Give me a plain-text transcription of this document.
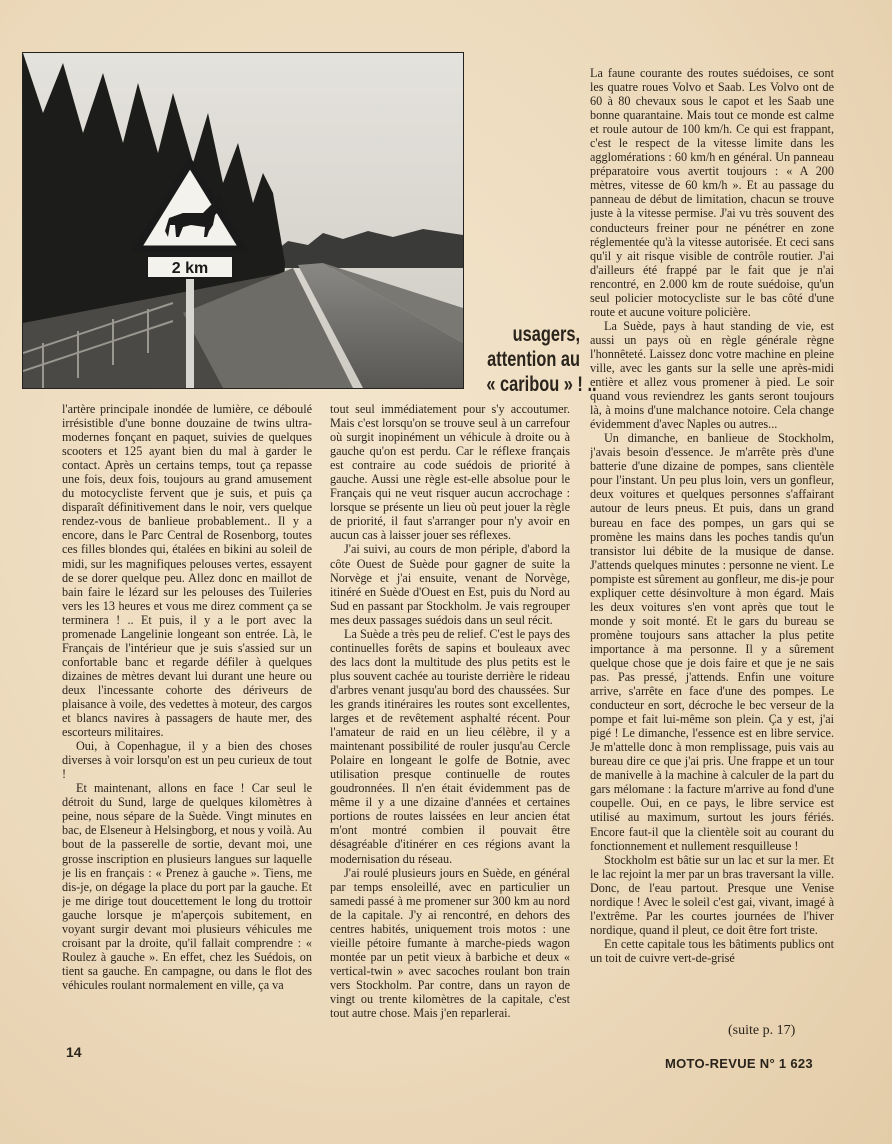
2 km
usagers,
attention au
« caribou » ! ..

l'artère principale inondée de lumière, ce déboulé irrésistible d'une bonne douzaine de twins ultra-modernes fonçant en paquet, suivies de quelques scooters et 125 ayant bien du mal à garder le contact. Après un certains temps, tout ça repasse une fois, deux fois, toujours au grand amusement du motocycliste fervent que je suis, et puis ça disparaît définitivement dans le noir, vers quelque rendez-vous de banlieue probablement.. Il y a encore, dans le Parc Central de Rosenborg, toutes ces filles blondes qui, étalées en bikini au soleil de midi, sur les magnifiques pelouses vertes, essayent de se dorer quelque peu. Allez donc en maillot de bain faire le lézard sur les pelouses des Tuileries vers les 13 heures et vous me direz comment ça se terminera ! .. Et puis, il y a le port avec la promenade Langelinie longeant son entrée. Là, le Français de l'intérieur que je suis s'assied sur un confortable banc et regarde défiler à quelques dizaines de mètres devant lui durant une heure ou deux l'incessante cohorte des dériveurs de plaisance à voile, des vedettes à moteur, des cargos et blancs navires à passagers de haute mer, des escorteurs militaires.

Oui, à Copenhague, il y a bien des choses diverses à voir lorsqu'on est un peu curieux de tout !

Et maintenant, allons en face ! Car seul le détroit du Sund, large de quelques kilomètres à peine, nous sépare de la Suède. Vingt minutes en bac, de Elseneur à Helsingborg, et nous y voilà. Au bout de la passerelle de sortie, devant moi, une grosse inscription en plusieurs langues sur laquelle je lis en français : « Prenez à gauche ». Tiens, me dis-je, on dégage la place du port par la gauche. Et je me dirige tout doucettement le long du trottoir gauche lorsque je m'aperçois subitement, en voyant surgir devant moi plusieurs véhicules me croisant par la droite, qu'il fallait comprendre : « Roulez à gauche ». En effet, chez les Suédois, on tient sa gauche. En campagne, ou dans le flot des véhicules roulant normalement en ville, ça va

tout seul immédiatement pour s'y accoutumer. Mais c'est lorsqu'on se trouve seul à un carrefour où surgit inopinément un véhicule à droite ou à gauche qu'on est perdu. Car le réflexe français est contraire au code suédois de priorité à gauche. Aussi une règle est-elle absolue pour le Français qui ne veut risquer aucun accrochage : lorsque se présente un lieu où peut jouer la règle de priorité, il faut s'arranger pour n'y avoir en aucun cas à laisser jouer ses réflexes.

J'ai suivi, au cours de mon périple, d'abord la côte Ouest de Suède pour gagner de suite la Norvège et j'ai ensuite, venant de Norvège, itinéré en Suède d'Ouest en Est, puis du Nord au Sud en passant par Stockholm. Je vais regrouper mes deux passages suédois dans un seul récit.

La Suède a très peu de relief. C'est le pays des continuelles forêts de sapins et bouleaux avec des lacs dont la multitude des plus petits est le plus souvent cachée au touriste derrière le rideau d'arbres venant jusqu'au bord des chaussées. Sur les grands itinéraires les routes sont excellentes, larges et de revêtement asphalté récent. Pour l'amateur de raid en un lieu célèbre, il y a maintenant possibilité de rouler jusqu'au Cercle Polaire en longeant le golfe de Botnie, avec utilisation presque continuelle de routes goudronnées. Il n'en était évidemment pas de même il y a une dizaine d'années et certaines portions de routes laissées en leur ancien état m'ont montré combien il pouvait être désagréable d'itinérer en ces régions avant la modernisation du réseau.

J'ai roulé plusieurs jours en Suède, en général par temps ensoleillé, avec en particulier un samedi passé à me promener sur 300 km au nord de la capitale. J'y ai rencontré, en dehors des centres habités, uniquement trois motos : une vieille pétoire fumante à marche-pieds wagon montée par un petit vieux à barbiche et deux « vertical-twin » avec sacoches roulant bon train vers Stockholm. Par contre, dans un rayon de vingt ou trente kilomètres de la capitale, c'est tout autre chose. Mais j'en reparlerai.

La faune courante des routes suédoises, ce sont les quatre roues Volvo et Saab. Les Volvo ont de 60 à 80 chevaux sous le capot et les Saab une bonne quarantaine. Mais tout ce monde est calme et roule autour de 100 km/h. Ce qui est frappant, c'est le respect de la vitesse limite dans les agglomérations : 60 km/h en général. Un panneau préparatoire vous avertit toujours : « A 200 mètres, vitesse de 60 km/h ». Et au passage du panneau de début de limitation, chacun se trouve juste à la vitesse permise. J'ai vu très souvent des conducteurs freiner pour ne pénétrer en zone réglementée qu'à la vitesse autorisée. Et ceci sans qu'il y ait risque visible de contrôle routier. J'ai d'ailleurs été frappé par le fait que je n'ai rencontré, en 2.000 km de route suédoise, qu'un seul policier motocycliste sur le bas côté d'une route et aucune voiture policière.

La Suède, pays à haut standing de vie, est aussi un pays où en règle générale règne l'honnêteté. Laissez donc votre machine en pleine ville, avec les gants sur la selle une après-midi entière et allez vous promener à pied. Le soir quand vous reviendrez les gants seront toujours là, à moins d'une malchance notoire. Cela change évidemment d'avec Naples ou autres...

Un dimanche, en banlieue de Stockholm, j'avais besoin d'essence. Je m'arrête près d'une batterie d'une dizaine de pompes, sans clientèle pour l'instant. Un peu plus loin, vers un gonfleur, deux voitures et quelques personnes s'affairant autour de leurs pneus. Et puis, dans un grand bureau en face des pompes, un gars qui se promène les mains dans les poches tandis qu'un transistor lui débite de la musique de danse. J'attends quelques minutes : personne ne vient. Le pompiste est sûrement au gonfleur, me dis-je pour expliquer cette désinvolture à mon égard. Mais les deux voitures s'en vont après que tout le monde y soit monté. Et le gars du bureau se promène toujours sans attacher la plus petite importance à ma personne. Il y a sûrement quelque chose que je dois faire et que je ne sais pas. Pas pressé, j'attends. Enfin une voiture arrive, s'arrête en face d'une des pompes. Le conducteur en sort, décroche le bec verseur de la pompe et fait lui-même son plein. Ça y est, j'ai pigé ! Le dimanche, l'essence est en libre service. Je m'attelle donc à mon remplissage, puis vais au bureau dire ce que j'ai pris. Une frappe et un tour de manivelle à la machine à calculer de la part du gars mélomane : la facture m'arrive au fond d'une coupelle. Oui, en ce pays, le libre service est utilisé au maximum, surtout les jours fériés. Encore faut-il que la clientèle soit au courant du fonctionnement et nullement resquilleuse !

Stockholm est bâtie sur un lac et sur la mer. Et le lac rejoint la mer par un bras traversant la ville. Donc, de l'eau partout. Presque une Venise nordique ! Avec le soleil c'est gai, vivant, imagé à l'extrême. Par les courtes journées de l'hiver nordique, quand il pleut, ce doit être fort triste.

En cette capitale tous les bâtiments publics ont un toit de cuivre vert-de-grisé

(suite p. 17)
14
MOTO-REVUE N° 1 623
